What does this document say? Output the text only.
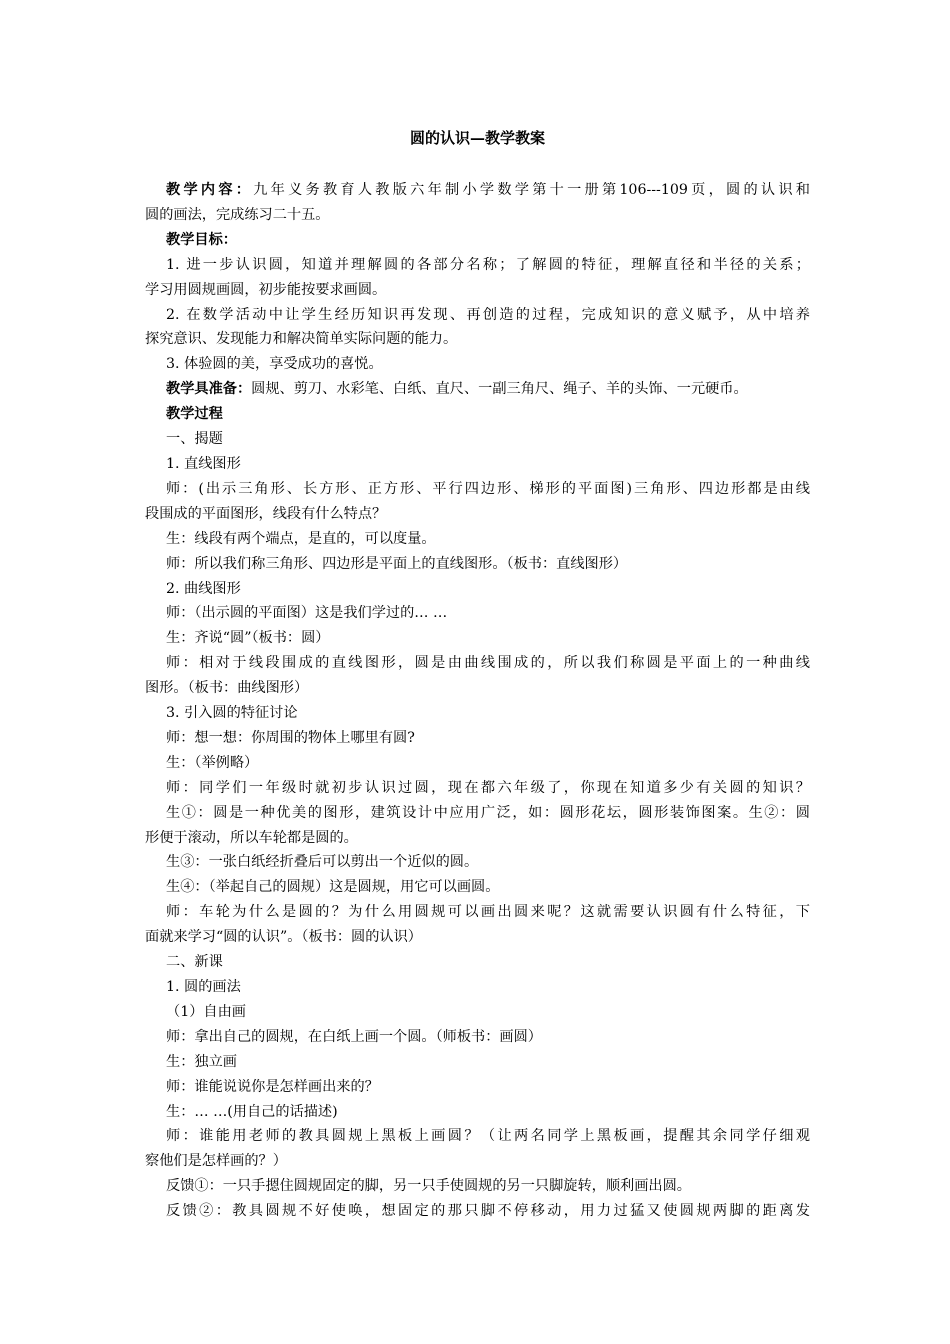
圆的认识—教学教案
教学内容：九年义务教育人教版六年制小学数学第十一册第106---109页，圆的认识和
圆的画法，完成练习二十五。
教学目标：
1. 进一步认识圆，知道并理解圆的各部分名称；了解圆的特征，理解直径和半径的关系；
学习用圆规画圆，初步能按要求画圆。
2. 在数学活动中让学生经历知识再发现、再创造的过程，完成知识的意义赋予，从中培养
探究意识、发现能力和解决简单实际问题的能力。
3. 体验圆的美，享受成功的喜悦。
教学具准备：圆规、剪刀、水彩笔、白纸、直尺、一副三角尺、绳子、羊的头饰、一元硬币。
教学过程
一、揭题
1. 直线图形
师：(出示三角形、长方形、正方形、平行四边形、梯形的平面图)三角形、四边形都是由线
段围成的平面图形，线段有什么特点？
生：线段有两个端点，是直的，可以度量。
师：所以我们称三角形、四边形是平面上的直线图形。（板书：直线图形）
2. 曲线图形
师：（出示圆的平面图）这是我们学过的… …
生：齐说“圆”（板书：圆）
师：相对于线段围成的直线图形，圆是由曲线围成的，所以我们称圆是平面上的一种曲线
图形。（板书：曲线图形）
3. 引入圆的特征讨论
师：想一想：你周围的物体上哪里有圆?
生：（举例略）
师：同学们一年级时就初步认识过圆，现在都六年级了，你现在知道多少有关圆的知识？
生①：圆是一种优美的图形，建筑设计中应用广泛，如：圆形花坛，圆形装饰图案。生②：圆
形便于滚动，所以车轮都是圆的。
生③：一张白纸经折叠后可以剪出一个近似的圆。
生④：（举起自己的圆规）这是圆规，用它可以画圆。
师：车轮为什么是圆的？为什么用圆规可以画出圆来呢？这就需要认识圆有什么特征，下
面就来学习“圆的认识”。（板书：圆的认识）
二、新课
1. 圆的画法
（1）自由画
师：拿出自己的圆规，在白纸上画一个圆。（师板书：画圆）
生：独立画
师：谁能说说你是怎样画出来的？
生：… …(用自己的话描述)
师：谁能用老师的教具圆规上黑板上画圆？（让两名同学上黑板画，提醒其余同学仔细观
察他们是怎样画的？）
反馈①：一只手摁住圆规固定的脚，另一只手使圆规的另一只脚旋转，顺利画出圆。
反馈②：教具圆规不好使唤，想固定的那只脚不停移动，用力过猛又使圆规两脚的距离发
